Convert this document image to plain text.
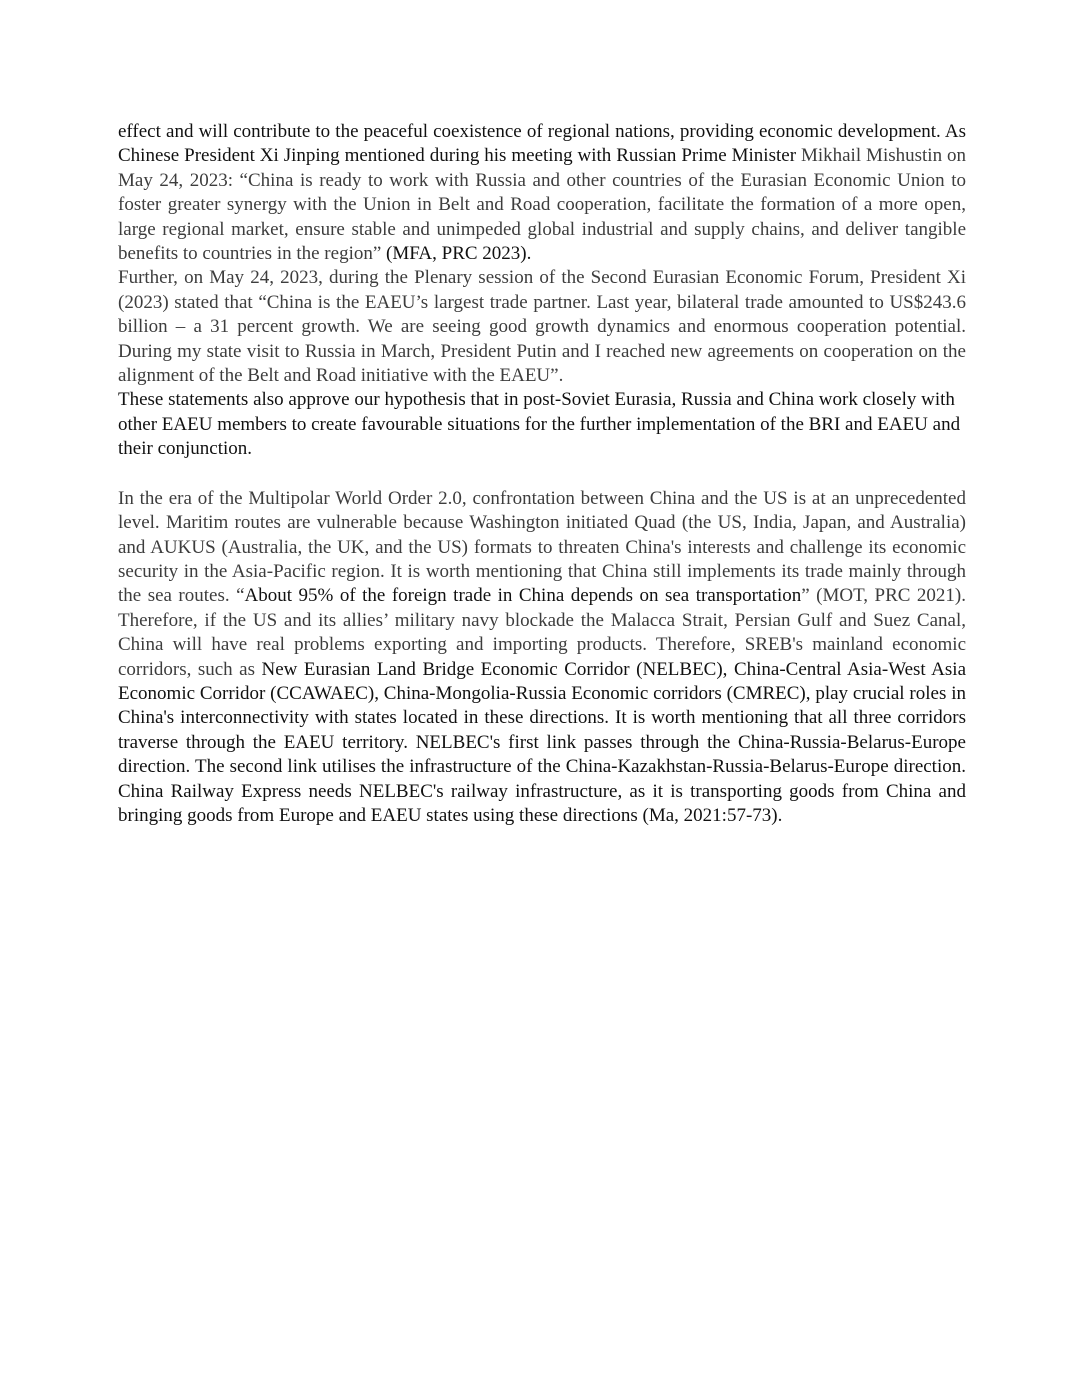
effect and will contribute to the peaceful coexistence of regional nations, providing economic development. As Chinese President Xi Jinping mentioned during his meeting with Russian Prime Minister Mikhail Mishustin on May 24, 2023: “China is ready to work with Russia and other countries of the Eurasian Economic Union to foster greater synergy with the Union in Belt and Road cooperation, facilitate the formation of a more open, large regional market, ensure stable and unimpeded global industrial and supply chains, and deliver tangible benefits to countries in the region” (MFA, PRC 2023).

Further, on May 24, 2023, during the Plenary session of the Second Eurasian Economic Forum, President Xi (2023) stated that “China is the EAEU’s largest trade partner. Last year, bilateral trade amounted to US$243.6 billion – a 31 percent growth. We are seeing good growth dynamics and enormous cooperation potential. During my state visit to Russia in March, President Putin and I reached new agreements on cooperation on the alignment of the Belt and Road initiative with the EAEU”.

These statements also approve our hypothesis that in post-Soviet Eurasia, Russia and China work closely with other EAEU members to create favourable situations for the further implementation of the BRI and EAEU and their conjunction.

In the era of the Multipolar World Order 2.0, confrontation between China and the US is at an unprecedented level. Maritim routes are vulnerable because Washington initiated Quad (the US, India, Japan, and Australia) and AUKUS (Australia, the UK, and the US) formats to threaten China's interests and challenge its economic security in the Asia-Pacific region. It is worth mentioning that China still implements its trade mainly through the sea routes. “About 95% of the foreign trade in China depends on sea transportation” (MOT, PRC 2021). Therefore, if the US and its allies’ military navy blockade the Malacca Strait, Persian Gulf and Suez Canal, China will have real problems exporting and importing products. Therefore, SREB's mainland economic corridors, such as New Eurasian Land Bridge Economic Corridor (NELBEC), China-Central Asia-West Asia Economic Corridor (CCAWAEC), China-Mongolia-Russia Economic corridors (CMREC), play crucial roles in China's interconnectivity with states located in these directions. It is worth mentioning that all three corridors traverse through the EAEU territory. NELBEC's first link passes through the China-Russia-Belarus-Europe direction. The second link utilises the infrastructure of the China-Kazakhstan-Russia-Belarus-Europe direction. China Railway Express needs NELBEC's railway infrastructure, as it is transporting goods from China and bringing goods from Europe and EAEU states using these directions (Ma, 2021:57-73).
